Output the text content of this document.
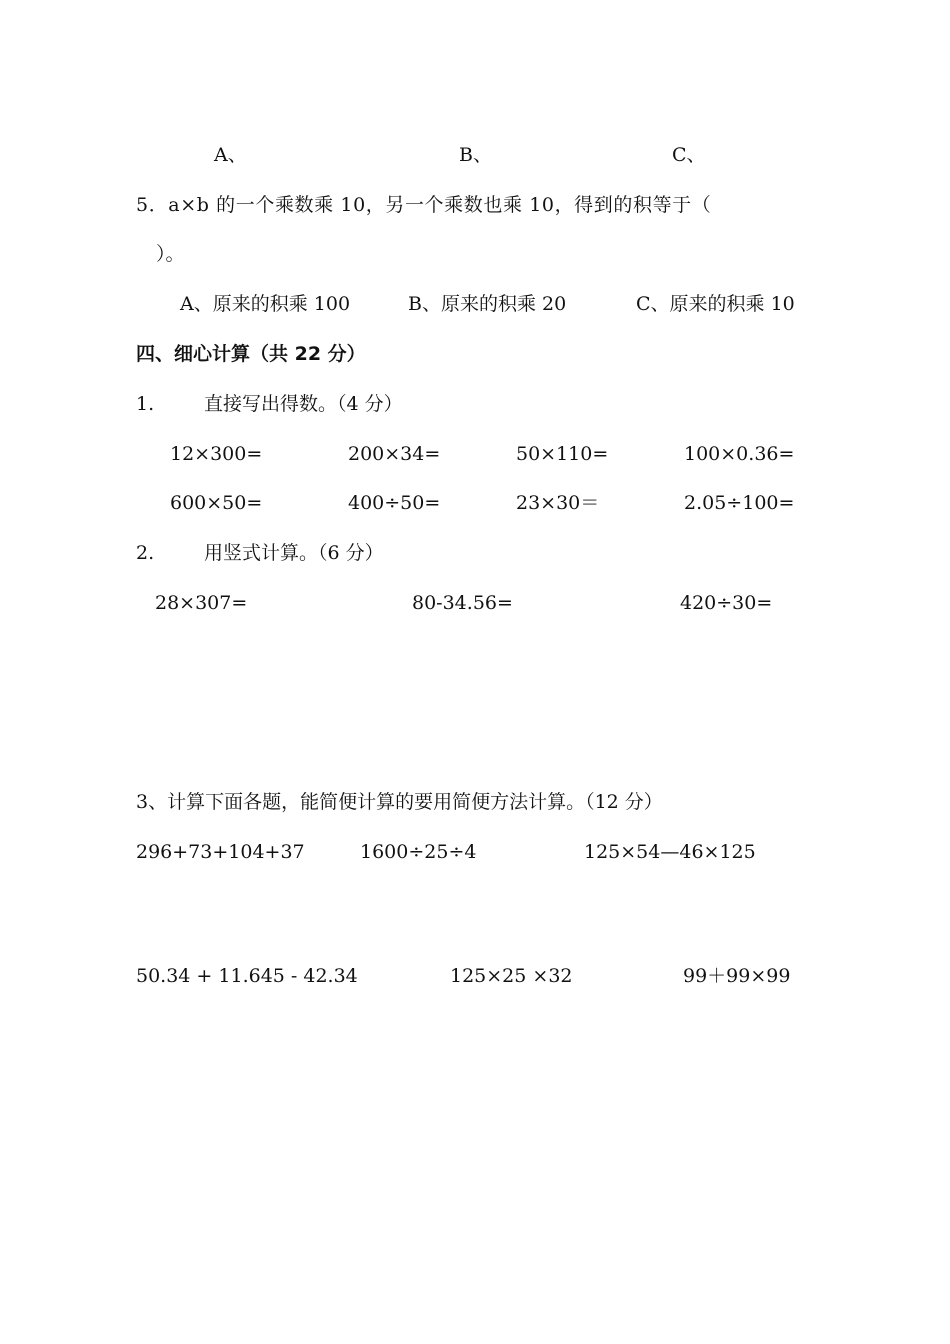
A、	B、	C、
5．a×b 的一个乘数乘 10，另一个乘数也乘 10，得到的积等于（
）。
A、原来的积乘 100	B、原来的积乘 20	C、原来的积乘 10
四、细心计算（共 22 分）
1.	直接写出得数。（4 分）
12×300=	200×34=	50×110=	100×0.36=
600×50=	400÷50=	23×30＝	2.05÷100=
2.	用竖式计算。（6 分）
28×307=	80-34.56=	420÷30=
3、计算下面各题，能简便计算的要用简便方法计算。（12 分）
296+73+104+37	1600÷25÷4	125×54—46×125
50.34 + 11.645 - 42.34	125×25 ×32	99＋99×99
